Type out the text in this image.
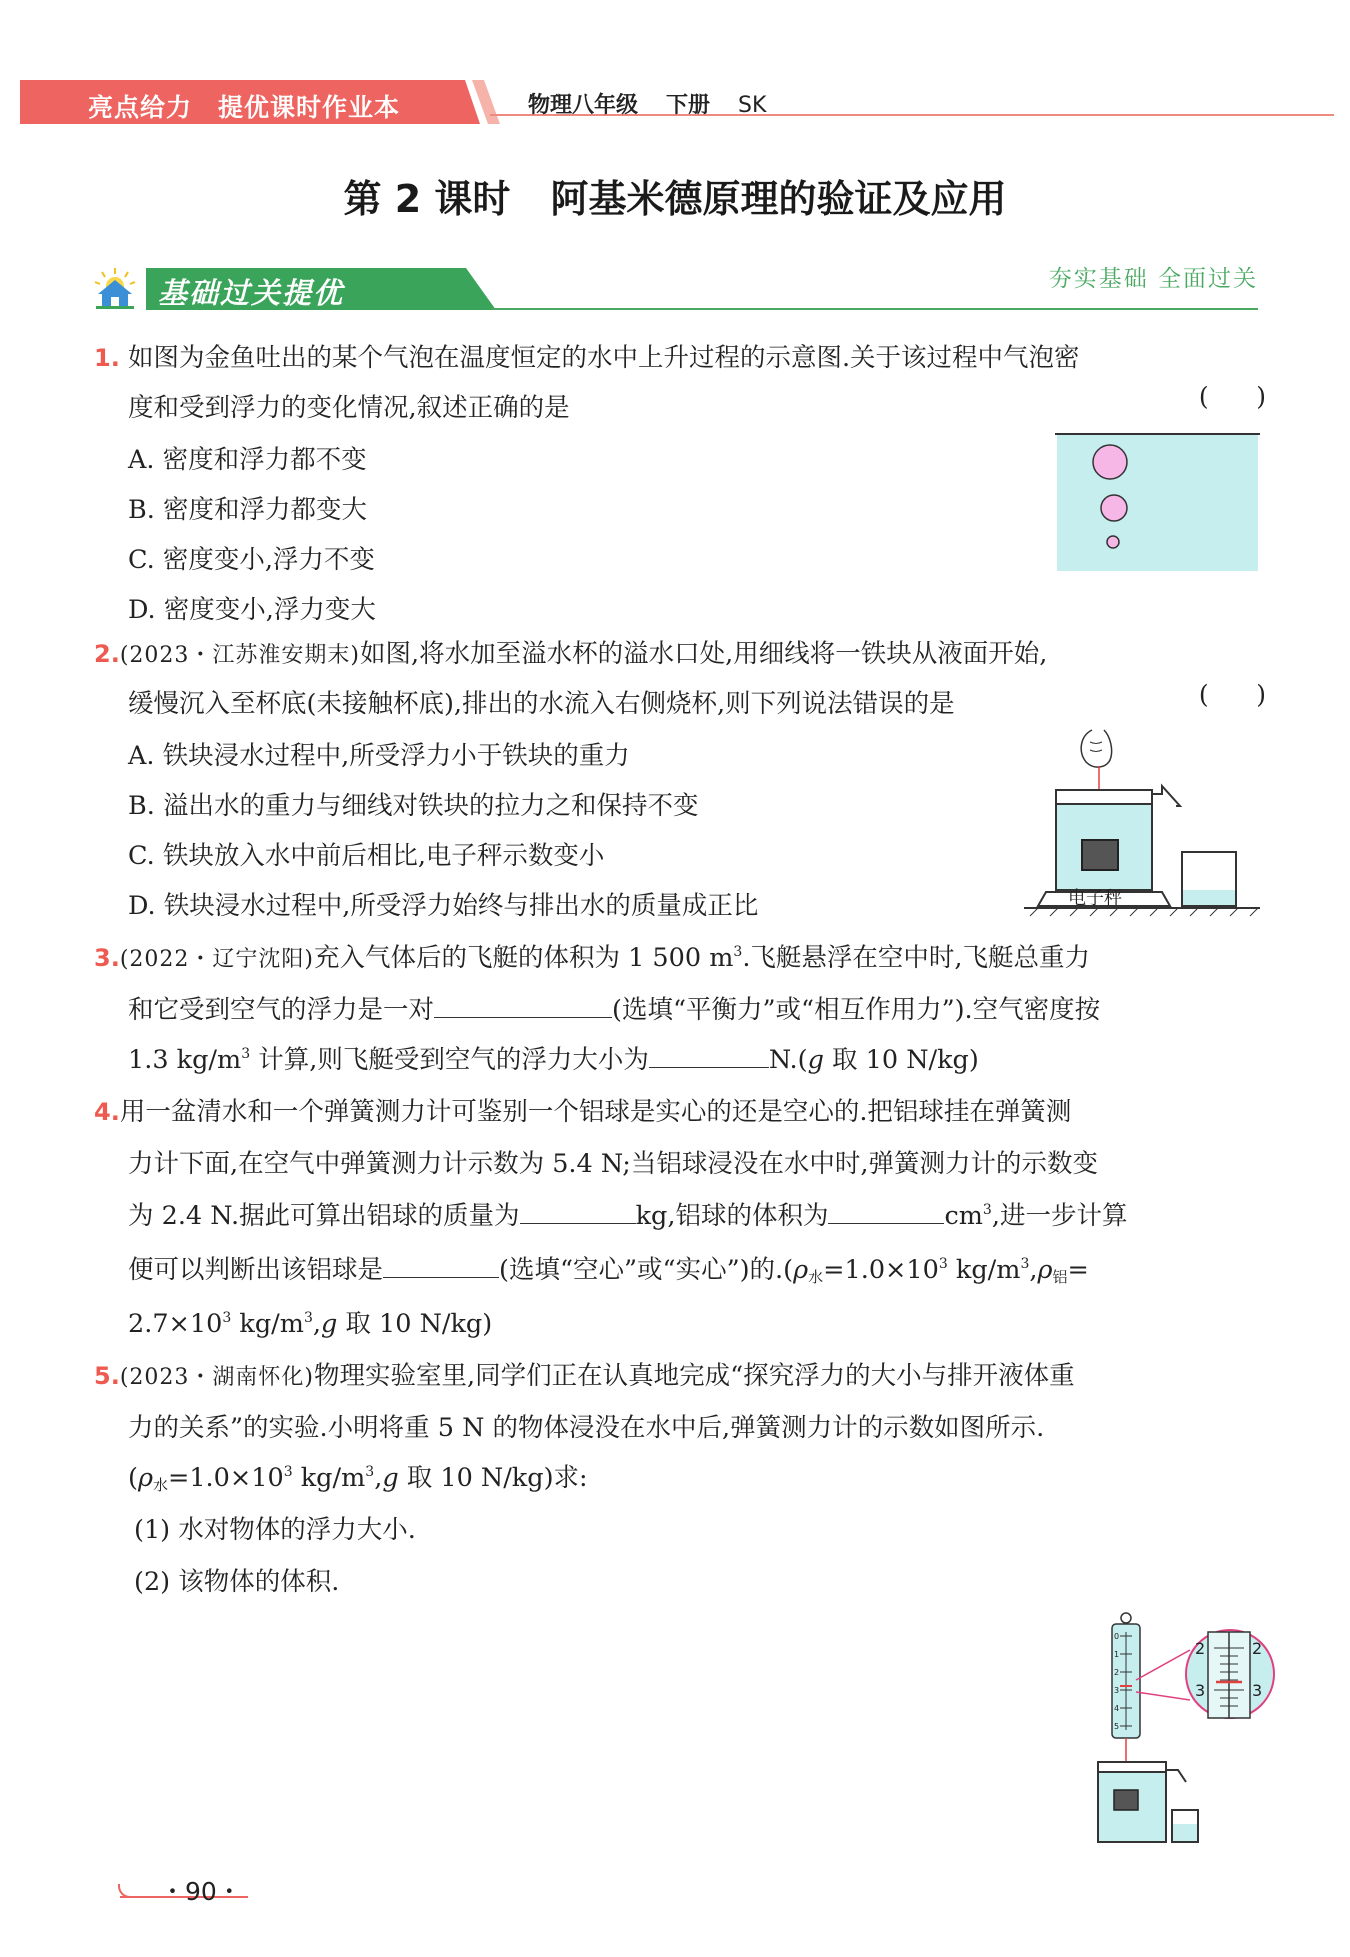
亮点给力 提优课时作业本	物理八年级 下册 SK
第 2 课时 阿基米德原理的验证及应用
基础过关提优	夯实基础 全面过关
1. 如图为金鱼吐出的某个气泡在温度恒定的水中上升过程的示意图.关于该过程中气泡密
度和受到浮力的变化情况,叙述正确的是	(      )
A. 密度和浮力都不变
B. 密度和浮力都变大
C. 密度变小,浮力不变
D. 密度变小,浮力变大
2.(2023・江苏淮安期末)如图,将水加至溢水杯的溢水口处,用细线将一铁块从液面开始,
缓慢沉入至杯底(未接触杯底),排出的水流入右侧烧杯,则下列说法错误的是	(      )
A. 铁块浸水过程中,所受浮力小于铁块的重力
B. 溢出水的重力与细线对铁块的拉力之和保持不变
C. 铁块放入水中前后相比,电子秤示数变小
D. 铁块浸水过程中,所受浮力始终与排出水的质量成正比	电子秤
3.(2022・辽宁沈阳)充入气体后的飞艇的体积为 1 500 $m^3$.飞艇悬浮在空中时,飞艇总重力
和它受到空气的浮力是一对	(选填“平衡力”或“相互作用力”).空气密度按
1.3 $kg/m^3$ 计算,则飞艇受到空气的浮力大小为	N.(g 取 10 N/kg)
4.用一盆清水和一个弹簧测力计可鉴别一个铝球是实心的还是空心的.把铝球挂在弹簧测
力计下面,在空气中弹簧测力计示数为 5.4 N;当铝球浸没在水中时,弹簧测力计的示数变
为 2.4 N.据此可算出铝球的质量为	kg,铝球的体积为	$cm^3$,进一步计算
便可以判断出该铝球是	(选填“空心”或“实心”)的$.(\rho_水=1.0\times 10^3$ $kg/m^3,\rho_铝=$
$2.7\times 10^3$ $kg/m^3,g$ 取 10 N/kg)
5.(2023・湖南怀化)物理实验室里,同学们正在认真地完成“探究浮力的大小与排开液体重
力的关系”的实验.小明将重 5 N 的物体浸没在水中后,弹簧测力计的示数如图所示.
($\rho_水=1.0\times 10^3$ $kg/m^3,g$ 取 10 N/kg)求:
(1) 水对物体的浮力大小.
(2) 该物体的体积.
0
1
2
3
4
5
2	2
3	3
・90・
